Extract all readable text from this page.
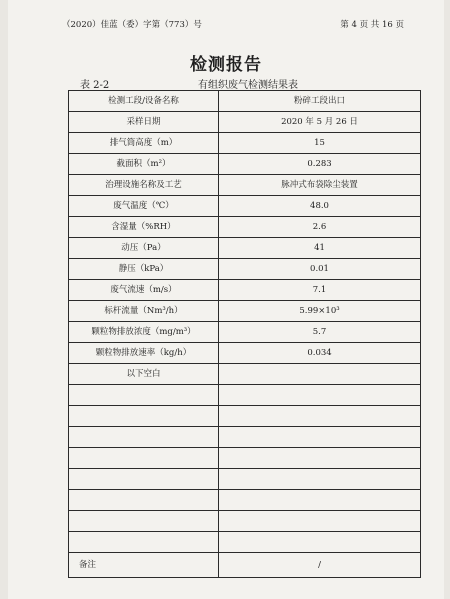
（2020）佳蓝（委）字第（773）号	第 4 页 共 16 页
检测报告
表 2-2	有组织废气检测结果表
检测工段/设备名称	粉碎工段出口
采样日期	2020 年 5 月 26 日
排气筒高度（m）	15
截面积（m²）	0.283
治理设施名称及工艺	脉冲式布袋除尘装置
废气温度（℃）	48.0
含湿量（%RH）	2.6
动压（Pa）	41
静压（kPa）	0.01
废气流速（m/s）	7.1
标杆流量（Nm³/h）	5.99×10³
颗粒物排放浓度（mg/m³）	5.7
颗粒物排放速率（kg/h）	0.034
以下空白	

备注	/
